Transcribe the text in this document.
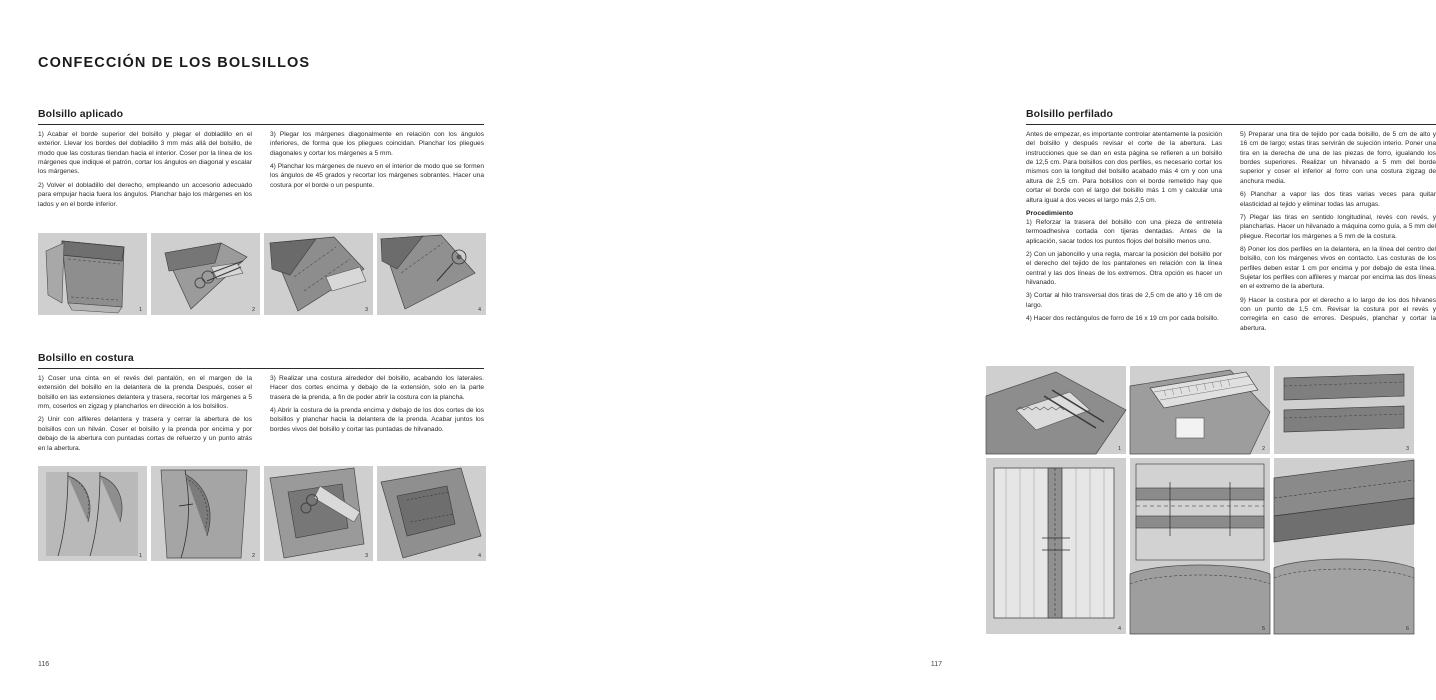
CONFECCIÓN DE LOS BOLSILLOS
Bolsillo aplicado

1) Acabar el borde superior del bolsillo y plegar el dobladillo en el exterior. Llevar los bordes del dobladillo 3 mm más allá del bolsillo, de modo que las costuras tiendan hacia el interior. Coser por la línea de los márgenes que indique el patrón, cortar los ángulos en diagonal y escalar los márgenes.

2) Volver el dobladillo del derecho, empleando un accesorio adecuado para empujar hacia fuera los ángulos. Planchar bajo los márgenes en los lados y en el borde inferior.

3) Plegar los márgenes diagonalmente en relación con los ángulos inferiores, de forma que los pliegues coincidan. Planchar los pliegues diagonales y cortar los márgenes a 5 mm.

4) Planchar los márgenes de nuevo en el interior de modo que se formen los ángulos de 45 grados y recortar los márgenes sobrantes. Hacer una costura por el borde o un pespunte.

1	2	3	4
Bolsillo en costura

1) Coser una cinta en el revés del pantalón, en el margen de la extensión del bolsillo en la delantera de la prenda Después, coser el bolsillo en las extensiones delantera y trasera, recortar los márgenes a 5 mm, coserlos en zigzag y plancharlos en dirección a los bolsillos.

2) Unir con alfileres delantera y trasera y cerrar la abertura de los bolsillos con un hilván. Coser el bolsillo y la prenda por encima y por debajo de la abertura con puntadas cortas de refuerzo y un punto atrás en la abertura.

3) Realizar una costura alrededor del bolsillo, acabando los laterales. Hacer dos cortes encima y debajo de la extensión, solo en la parte trasera de la prenda, a fin de poder abrir la costura con la plancha.

4) Abrir la costura de la prenda encima y debajo de los dos cortes de los bolsillos y planchar hacia la delantera de la prenda. Acabar juntos los bordes vivos del bolsillo y cortar las puntadas de hilvanado.

1	2	3	4
116
Bolsillo perfilado

Antes de empezar, es importante controlar atentamente la posición del bolsillo y después revisar el corte de la abertura. Las instrucciones que se dan en esta página se refieren a un bolsillo de 12,5 cm. Para bolsillos con dos perfiles, es necesario cortar los mismos con la longitud del bolsillo acabado más 4 cm y con una altura de 2,5 cm. Para bolsillos con el borde remetido hay que cortar el borde con el largo del bolsillo más 1 cm y calcular una altura igual a dos veces el largo más 2,5 cm.

Procedimiento

1) Reforzar la trasera del bolsillo con una pieza de entretela termoadhesiva cortada con tijeras dentadas. Antes de la aplicación, sacar todos los puntos flojos del bolsillo menos uno.

2) Con un jaboncillo y una regla, marcar la posición del bolsillo por el derecho del tejido de los pantalones en relación con la línea central y las dos líneas de los extremos. Otra opción es hacer un hilvanado.

3) Cortar al hilo transversal dos tiras de 2,5 cm de alto y 16 cm de largo.

4) Hacer dos rectángulos de forro de 16 x 19 cm por cada bolsillo.

5) Preparar una tira de tejido por cada bolsillo, de 5 cm de alto y 16 cm de largo; estas tiras servirán de sujeción interio. Poner una tira en la derecha de una de las piezas de forro, igualando los bordes superiores. Realizar un hilvanado a 5 mm del borde superior y coser el inferior al forro con una costura zigzag de anchura media.

6) Planchar a vapor las dos tiras varias veces para quitar elasticidad al tejido y eliminar todas las arrugas.

7) Plegar las tiras en sentido longitudinal, revés con revés, y plancharlas. Hacer un hilvanado a máquina como guía, a 5 mm del pliegue. Recortar los márgenes a 5 mm de la costura.

8) Poner los dos perfiles en la delantera, en la línea del centro del bolsillo, con los márgenes vivos en contacto. Las costuras de los perfiles deben estar 1 cm por encima y por debajo de esta línea. Sujetar los perfiles con alfileres y marcar por encima las dos líneas en el extremo de la abertura.

9) Hacer la costura por el derecho a lo largo de los dos hilvanes con un punto de 1,5 cm. Revisar la costura por el revés y corregirla en caso de errores. Después, planchar y cortar la abertura.

1	2	3
4	5	6
117
